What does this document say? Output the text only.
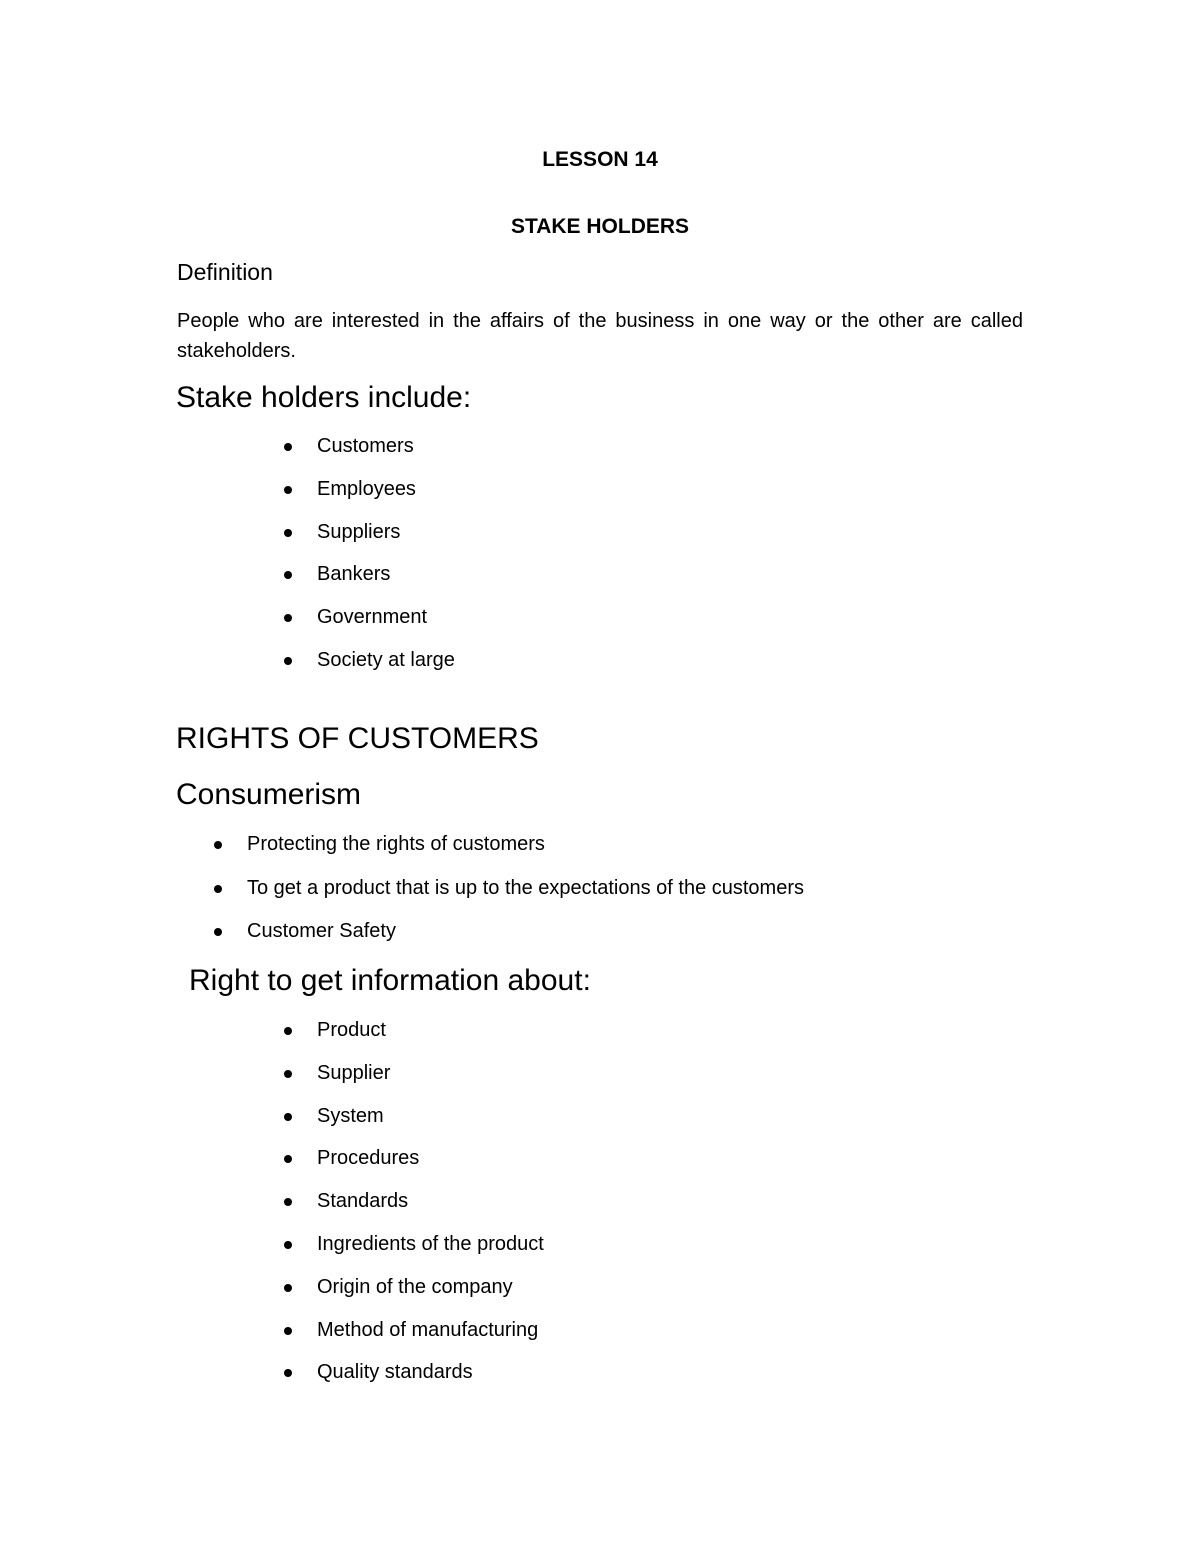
LESSON 14
STAKE HOLDERS
Definition

People who are interested in the affairs of the business in one way or the other are called stakeholders.

Stake holders include:
Customers
Employees
Suppliers
Bankers
Government
Society at large
RIGHTS OF CUSTOMERS
Consumerism
Protecting the rights of customers
To get a product that is up to the expectations of the customers
Customer Safety
Right to get information about:
Product
Supplier
System
Procedures
Standards
Ingredients of the product
Origin of the company
Method of manufacturing
Quality standards
